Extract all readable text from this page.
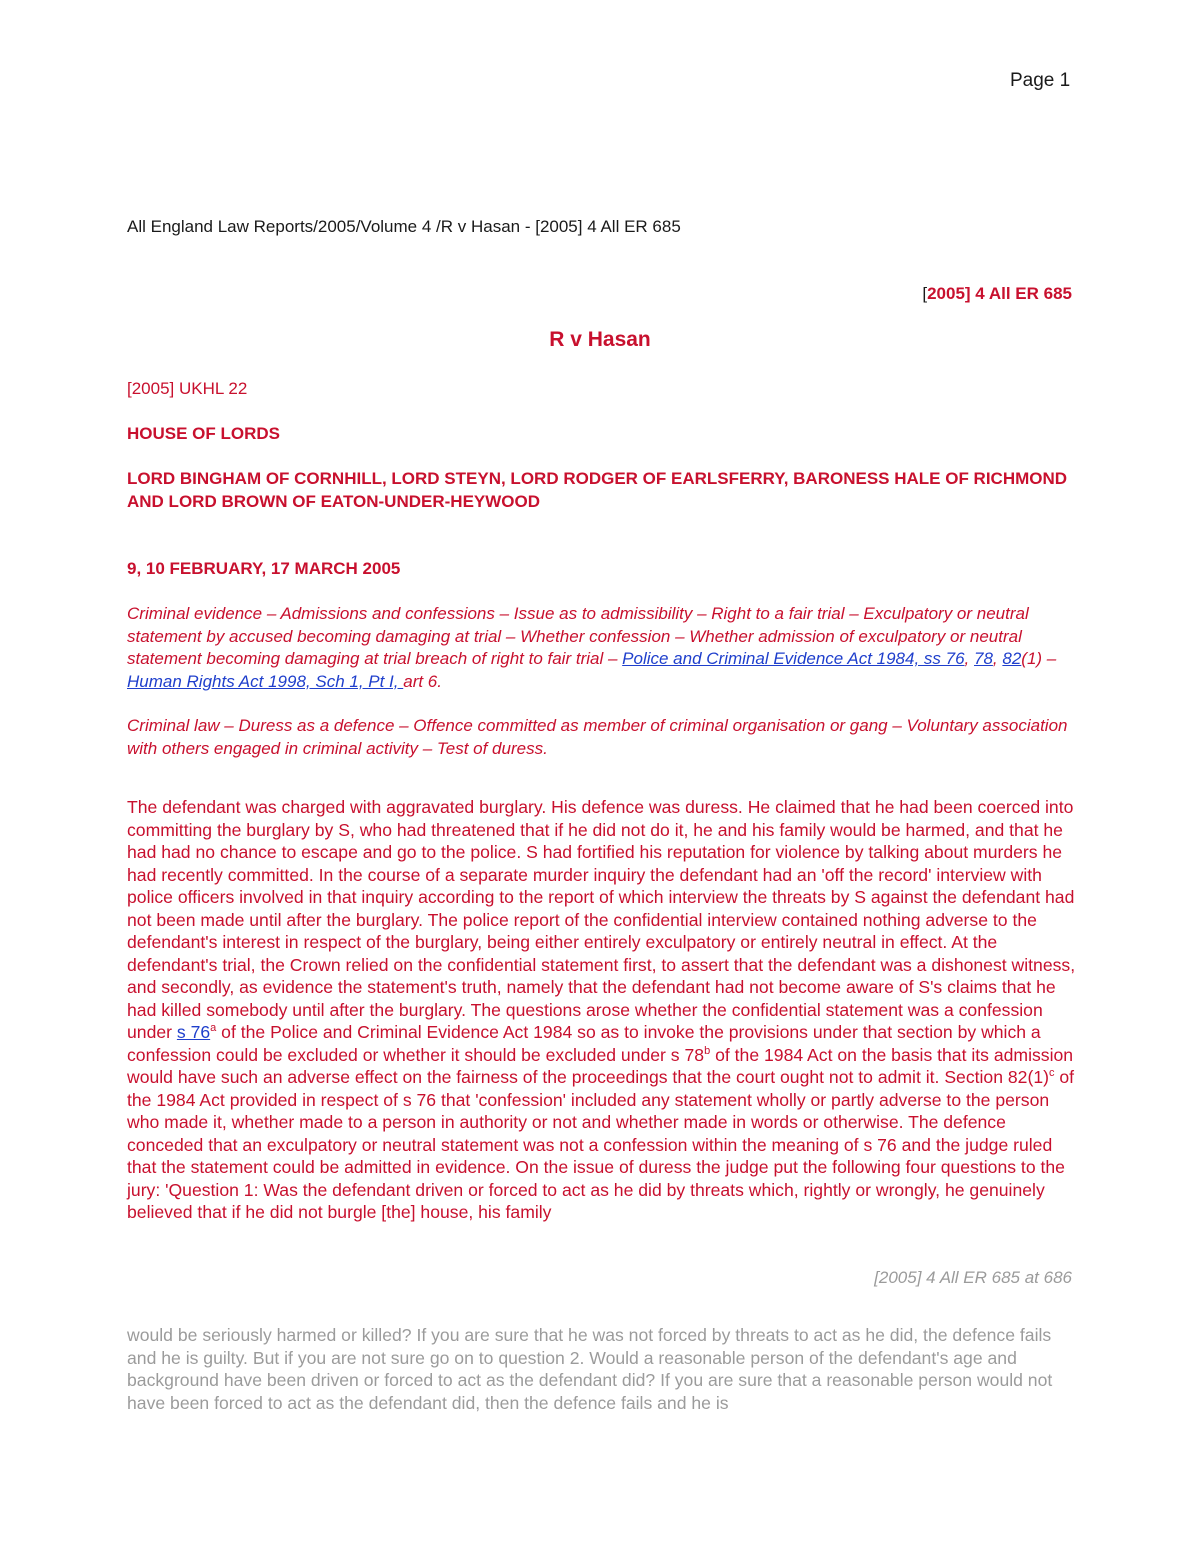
Page 1
All England Law Reports/2005/Volume 4 /R v Hasan - [2005] 4 All ER 685
[2005] 4 All ER 685
R v Hasan
[2005] UKHL 22
HOUSE OF LORDS
LORD BINGHAM OF CORNHILL, LORD STEYN, LORD RODGER OF EARLSFERRY, BARONESS HALE OF RICHMOND AND LORD BROWN OF EATON-UNDER-HEYWOOD
9, 10 FEBRUARY, 17 MARCH 2005
Criminal evidence – Admissions and confessions – Issue as to admissibility – Right to a fair trial – Exculpatory or neutral statement by accused becoming damaging at trial – Whether confession – Whether admission of exculpatory or neutral statement becoming damaging at trial breach of right to fair trial – Police and Criminal Evidence Act 1984, ss 76, 78, 82(1) – Human Rights Act 1998, Sch 1, Pt I, art 6.
Criminal law – Duress as a defence – Offence committed as member of criminal organisation or gang – Voluntary association with others engaged in criminal activity – Test of duress.
The defendant was charged with aggravated burglary. His defence was duress. He claimed that he had been coerced into committing the burglary by S, who had threatened that if he did not do it, he and his family would be harmed, and that he had had no chance to escape and go to the police. S had fortified his reputation for violence by talking about murders he had recently committed. In the course of a separate murder inquiry the defendant had an 'off the record' interview with police officers involved in that inquiry according to the report of which interview the threats by S against the defendant had not been made until after the burglary. The police report of the confidential interview contained nothing adverse to the defendant's interest in respect of the burglary, being either entirely exculpatory or entirely neutral in effect. At the defendant's trial, the Crown relied on the confidential statement first, to assert that the defendant was a dishonest witness, and secondly, as evidence the statement's truth, namely that the defendant had not become aware of S's claims that he had killed somebody until after the burglary. The questions arose whether the confidential statement was a confession under s 76$^a$ of the Police and Criminal Evidence Act 1984 so as to invoke the provisions under that section by which a confession could be excluded or whether it should be excluded under s 78$^b$ of the 1984 Act on the basis that its admission would have such an adverse effect on the fairness of the proceedings that the court ought not to admit it. Section $82(1)^c$ of the 1984 Act provided in respect of s 76 that 'confession' included any statement wholly or partly adverse to the person who made it, whether made to a person in authority or not and whether made in words or otherwise. The defence conceded that an exculpatory or neutral statement was not a confession within the meaning of s 76 and the judge ruled that the statement could be admitted in evidence. On the issue of duress the judge put the following four questions to the jury: 'Question 1: Was the defendant driven or forced to act as he did by threats which, rightly or wrongly, he genuinely believed that if he did not burgle [the] house, his family
[2005] 4 All ER 685 at 686
would be seriously harmed or killed? If you are sure that he was not forced by threats to act as he did, the defence fails and he is guilty. But if you are not sure go on to question 2. Would a reasonable person of the defendant's age and background have been driven or forced to act as the defendant did? If you are sure that a reasonable person would not have been forced to act as the defendant did, then the defence fails and he is
